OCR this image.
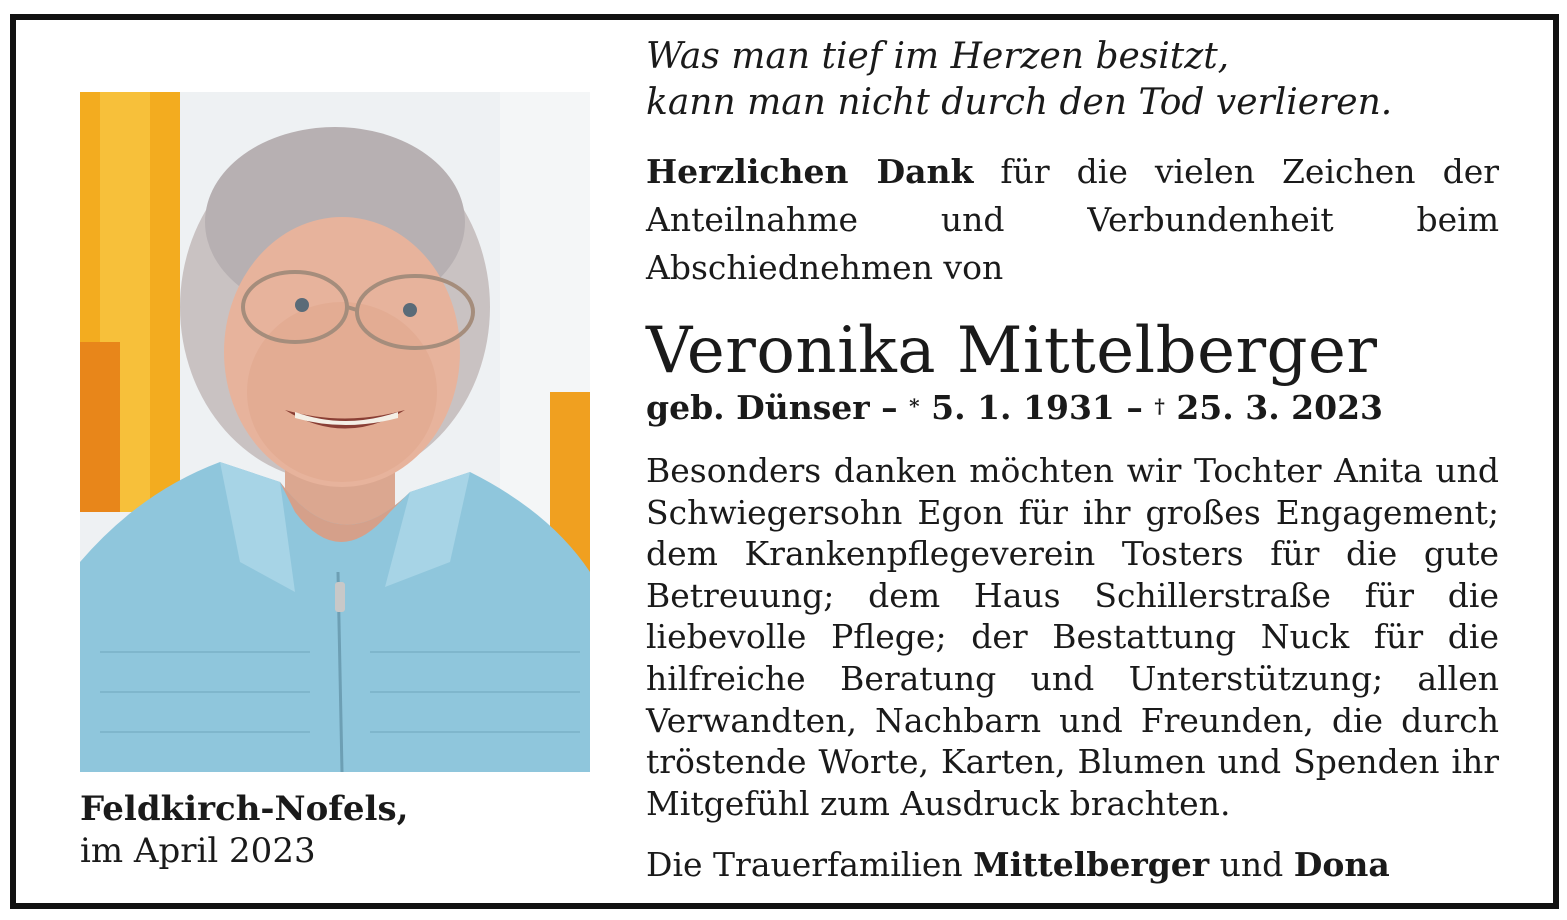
Feldkirch-Nofels,
im April 2023

Was man tief im Herzen besitzt,
kann man nicht durch den Tod verlieren.

Herzlichen Dank für die vielen Zeichen der Anteilnahme und Verbundenheit beim Abschiednehmen von
Veronika Mittelberger
geb. Dünser – * 5. 1. 1931 – † 25. 3. 2023
Besonders danken möchten wir Tochter Anita und Schwiegersohn Egon für ihr großes Engagement; dem Krankenpflegeverein Tosters für die gute Betreuung; dem Haus Schillerstraße für die liebevolle Pflege; der Bestattung Nuck für die hilfreiche Beratung und Unterstützung; allen Verwandten, Nachbarn und Freunden, die durch tröstende Worte, Karten, Blumen und Spenden ihr Mitgefühl zum Ausdruck brachten.
Die Trauerfamilien Mittelberger und Dona
